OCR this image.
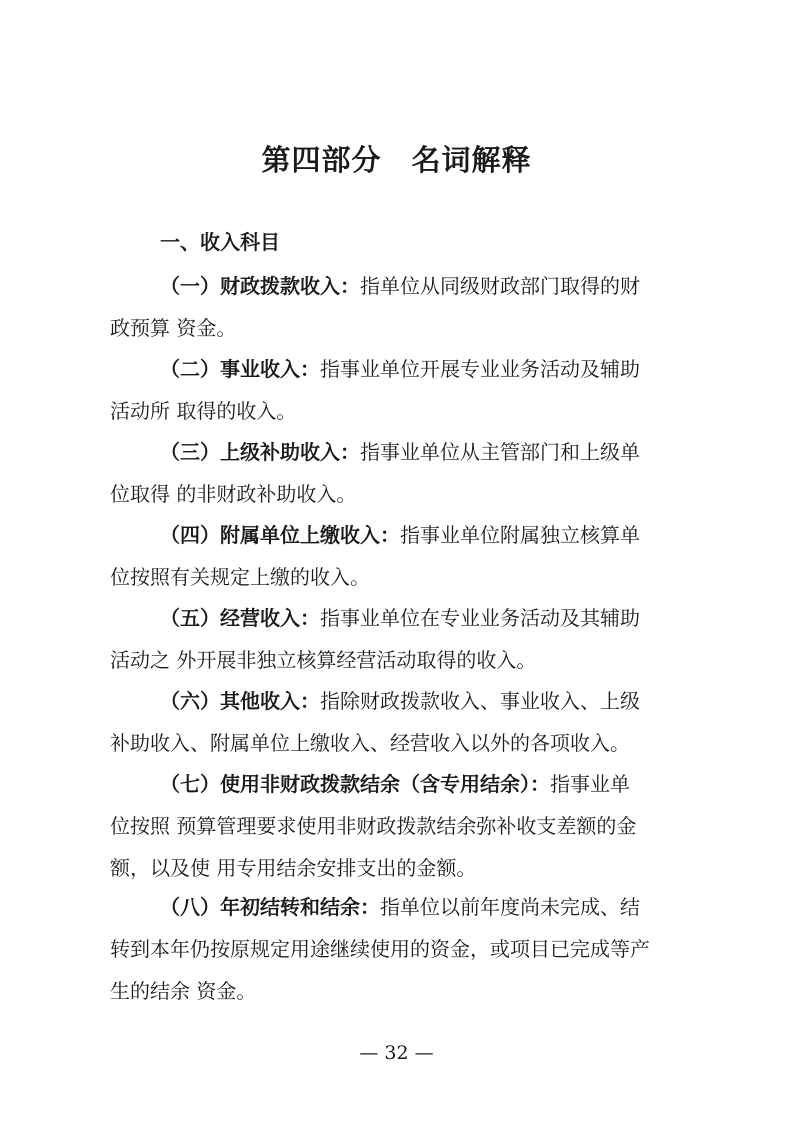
第四部分 名词解释
一、收入科目
（一）财政拨款收入：指单位从同级财政部门取得的财
政预算 资金。
（二）事业收入：指事业单位开展专业业务活动及辅助
活动所 取得的收入。
（三）上级补助收入：指事业单位从主管部门和上级单
位取得 的非财政补助收入。
（四）附属单位上缴收入：指事业单位附属独立核算单
位按照有关规定上缴的收入。
（五）经营收入：指事业单位在专业业务活动及其辅助
活动之 外开展非独立核算经营活动取得的收入。
（六）其他收入：指除财政拨款收入、事业收入、上级
补助收入、附属单位上缴收入、经营收入以外的各项收入。
（七）使用非财政拨款结余（含专用结余）：指事业单
位按照 预算管理要求使用非财政拨款结余弥补收支差额的金
额，以及使 用专用结余安排支出的金额。
（八）年初结转和结余：指单位以前年度尚未完成、结
转到本年仍按原规定用途继续使用的资金，或项目已完成等产
生的结余 资金。
— 32 —
